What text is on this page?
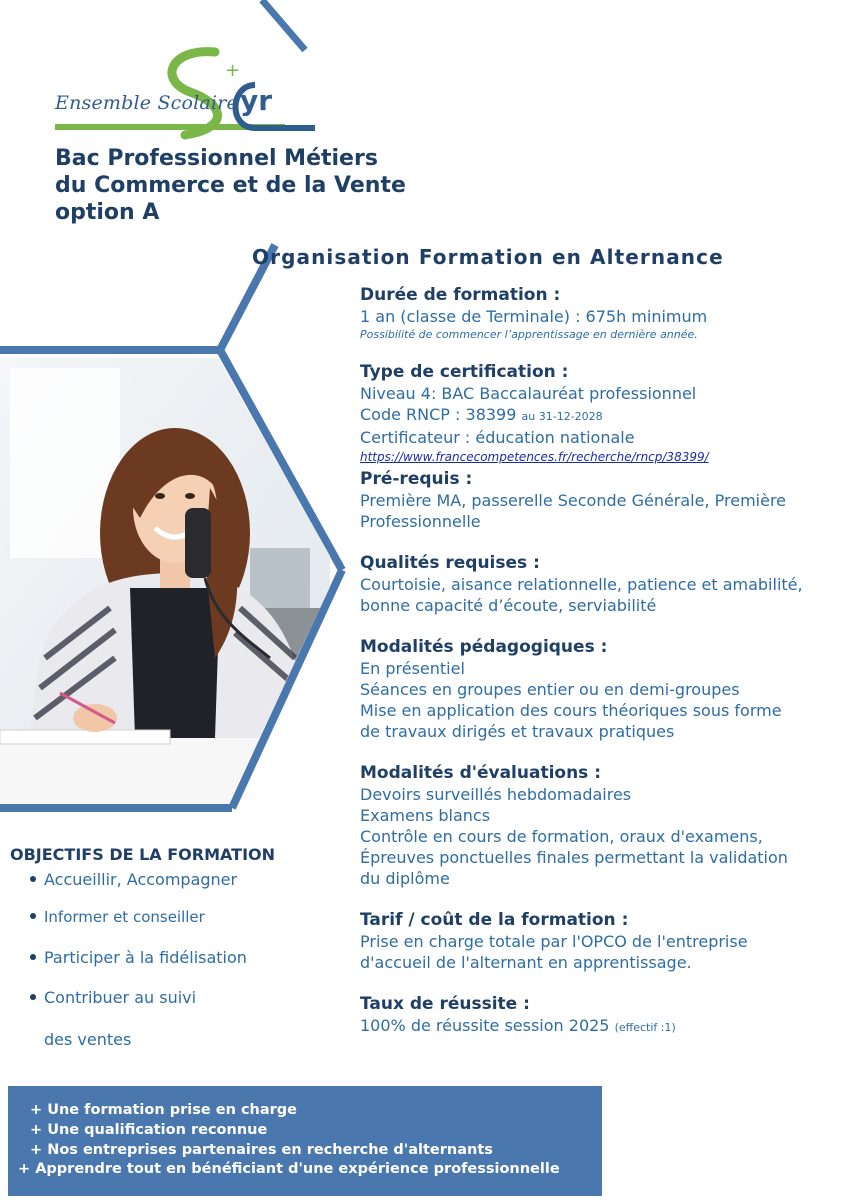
Ensemble Scolaire
+
yr
Bac Professionnel Métiers
du Commerce et de la Vente
option A
Organisation Formation en Alternance
Durée de formation :
1 an (classe de Terminale) : 675h minimum
Possibilité de commencer l’apprentissage en dernière année.
Type de certification :
Niveau 4: BAC Baccalauréat professionnel
Code RNCP : 38399 au 31-12-2028
Certificateur : éducation nationale
https://www.francecompetences.fr/recherche/rncp/38399/
Pré-requis :
Première MA, passerelle Seconde Générale, Première
Professionnelle
Qualités requises :
Courtoisie, aisance relationnelle, patience et amabilité,
bonne capacité d’écoute, serviabilité
Modalités pédagogiques :
En présentiel
Séances en groupes entier ou en demi-groupes
Mise en application des cours théoriques sous forme
de travaux dirigés et travaux pratiques
Modalités d'évaluations :
Devoirs surveillés hebdomadaires
Examens blancs
Contrôle en cours de formation, oraux d'examens,
Épreuves ponctuelles finales permettant la validation
du diplôme
Tarif / coût de la formation :
Prise en charge totale par l'OPCO de l'entreprise
d'accueil de l'alternant en apprentissage.
Taux de réussite :
100% de réussite session 2025 (effectif :1)
OBJECTIFS DE LA FORMATION
Accueillir, Accompagner
Informer et conseiller
Participer à la fidélisation
Contribuer au suivi
des ventes
+ Une formation prise en charge
+ Une qualification reconnue
+ Nos entreprises partenaires en recherche d'alternants
+ Apprendre tout en bénéficiant d'une expérience professionnelle
